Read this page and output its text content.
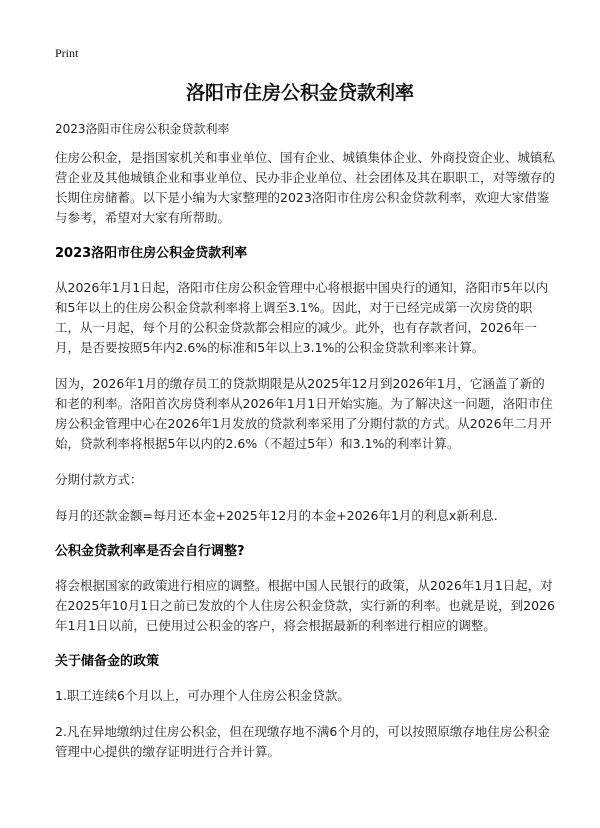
Print
洛阳市住房公积金贷款利率
2023洛阳市住房公积金贷款利率

住房公积金，是指国家机关和事业单位、国有企业、城镇集体企业、外商投资企业、城镇私营企业及其他城镇企业和事业单位、民办非企业单位、社会团体及其在职职工，对等缴存的长期住房储蓄。以下是小编为大家整理的2023洛阳市住房公积金贷款利率，欢迎大家借鉴与参考，希望对大家有所帮助。

2023洛阳市住房公积金贷款利率

从2026年1月1日起，洛阳市住房公积金管理中心将根据中国央行的通知，洛阳市5年以内和5年以上的住房公积金贷款利率将上调至3.1%。因此，对于已经完成第一次房贷的职工，从一月起，每个月的公积金贷款都会相应的减少。此外，也有存款者问，2026年一月，是否要按照5年内2.6%的标准和5年以上3.1%的公积金贷款利率来计算。

因为，2026年1月的缴存员工的贷款期限是从2025年12月到2026年1月，它涵盖了新的和老的利率。洛阳首次房贷利率从2026年1月1日开始实施。为了解决这一问题，洛阳市住房公积金管理中心在2026年1月发放的贷款利率采用了分期付款的方式。从2026年二月开始，贷款利率将根据5年以内的2.6%（不超过5年）和3.1%的利率计算。

分期付款方式：

每月的还款金额=每月还本金+2025年12月的本金+2026年1月的利息x新利息.

公积金贷款利率是否会自行调整?

将会根据国家的政策进行相应的调整。根据中国人民银行的政策，从2026年1月1日起，对在2025年10月1日之前已发放的个人住房公积金贷款，实行新的利率。也就是说，到2026年1月1日以前，已使用过公积金的客户，将会根据最新的利率进行相应的调整。

关于储备金的政策

1.职工连续6个月以上，可办理个人住房公积金贷款。

2.凡在异地缴纳过住房公积金，但在现缴存地不满6个月的，可以按照原缴存地住房公积金管理中心提供的缴存证明进行合并计算。
